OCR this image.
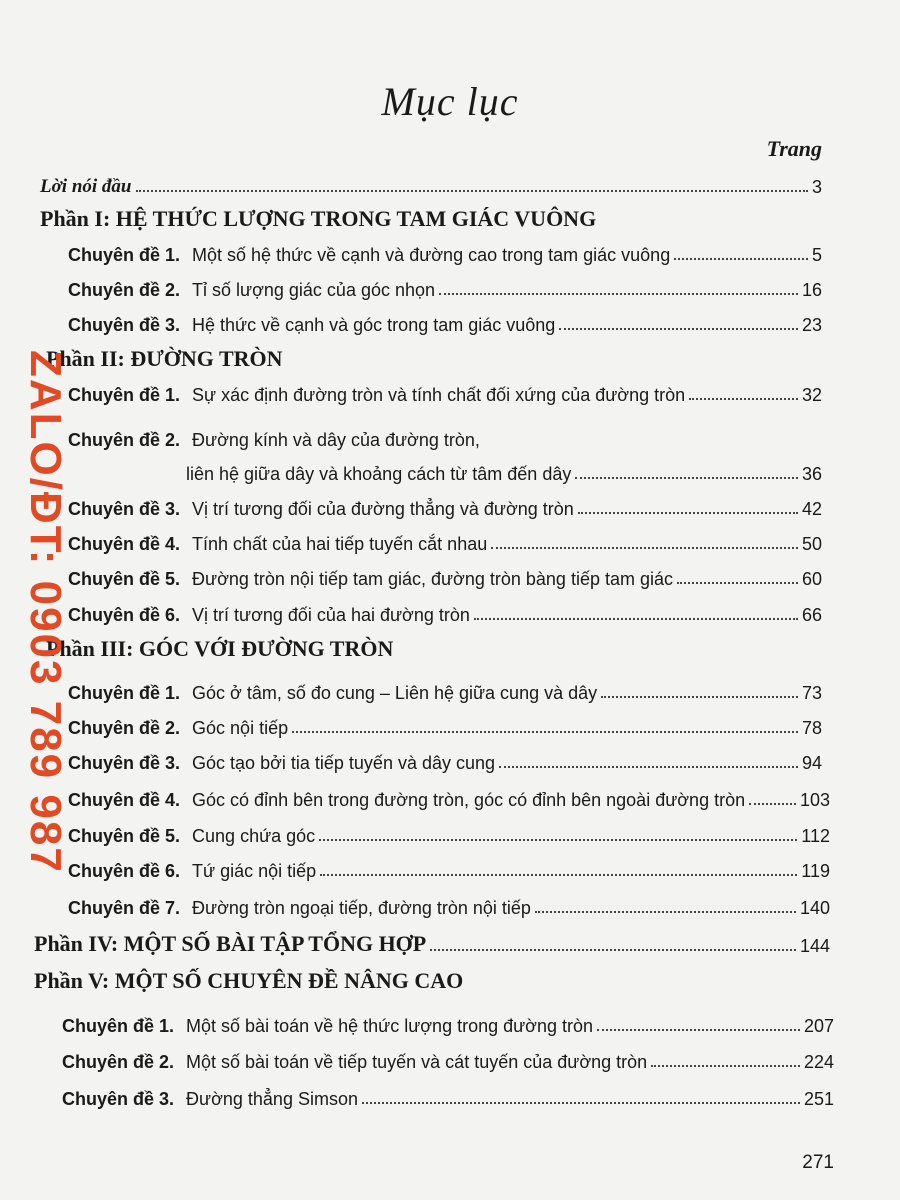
Mục lục
Trang
Lời nói đầu	3
Phần I: HỆ THỨC LƯỢNG TRONG TAM GIÁC VUÔNG
Chuyên đề 1. Một số hệ thức về cạnh và đường cao trong tam giác vuông	5
Chuyên đề 2. Tỉ số lượng giác của góc nhọn	16
Chuyên đề 3. Hệ thức về cạnh và góc trong tam giác vuông	23
Phần II: ĐƯỜNG TRÒN
Chuyên đề 1. Sự xác định đường tròn và tính chất đối xứng của đường tròn	32
Chuyên đề 2. Đường kính và dây của đường tròn,
liên hệ giữa dây và khoảng cách từ tâm đến dây	36
Chuyên đề 3. Vị trí tương đối của đường thẳng và đường tròn	42
Chuyên đề 4. Tính chất của hai tiếp tuyến cắt nhau	50
Chuyên đề 5. Đường tròn nội tiếp tam giác, đường tròn bàng tiếp tam giác	60
Chuyên đề 6. Vị trí tương đối của hai đường tròn	66
Phần III: GÓC VỚI ĐƯỜNG TRÒN
Chuyên đề 1. Góc ở tâm, số đo cung – Liên hệ giữa cung và dây	73
Chuyên đề 2. Góc nội tiếp	78
Chuyên đề 3. Góc tạo bởi tia tiếp tuyến và dây cung	94
Chuyên đề 4. Góc có đỉnh bên trong đường tròn, góc có đỉnh bên ngoài đường tròn	103
Chuyên đề 5. Cung chứa góc	112
Chuyên đề 6. Tứ giác nội tiếp	119
Chuyên đề 7. Đường tròn ngoại tiếp, đường tròn nội tiếp	140
Phần IV: MỘT SỐ BÀI TẬP TỔNG HỢP	144
Phần V: MỘT SỐ CHUYÊN ĐỀ NÂNG CAO
Chuyên đề 1. Một số bài toán về hệ thức lượng trong đường tròn	207
Chuyên đề 2. Một số bài toán về tiếp tuyến và cát tuyến của đường tròn	224
Chuyên đề 3. Đường thẳng Simson	251
271
ZALO/ĐT: 0903 789 987
